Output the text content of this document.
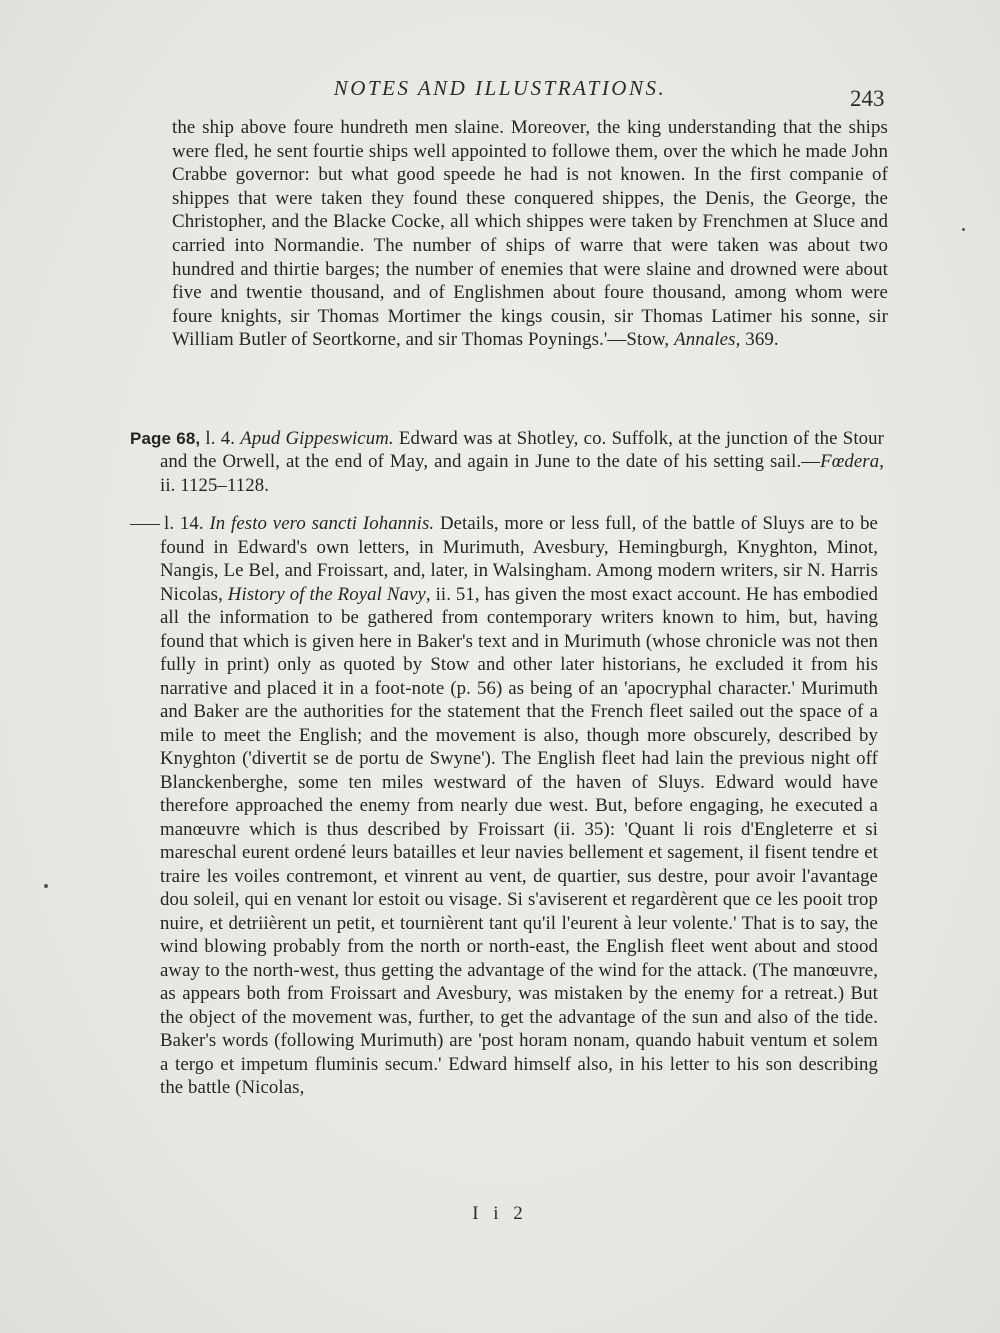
NOTES AND ILLUSTRATIONS.	243

the ship above foure hundreth men slaine. Moreover, the king understanding that the ships were fled, he sent fourtie ships well appointed to followe them, over the which he made John Crabbe governor: but what good speede he had is not knowen. In the first companie of shippes that were taken they found these conquered shippes, the Denis, the George, the Christopher, and the Blacke Cocke, all which shippes were taken by Frenchmen at Sluce and carried into Normandie. The number of ships of warre that were taken was about two hundred and thirtie barges; the number of enemies that were slaine and drowned were about five and twentie thousand, and of Englishmen about foure thousand, among whom were foure knights, sir Thomas Mortimer the kings cousin, sir Thomas Latimer his sonne, sir William Butler of Seortkorne, and sir Thomas Poynings.'—Stow, Annales, 369.

Page 68, l. 4. Apud Gippeswicum. Edward was at Shotley, co. Suffolk, at the junction of the Stour and the Orwell, at the end of May, and again in June to the date of his setting sail.—Fœdera, ii. 1125–1128.

l. 14. In festo vero sancti Iohannis. Details, more or less full, of the battle of Sluys are to be found in Edward's own letters, in Murimuth, Avesbury, Hemingburgh, Knyghton, Minot, Nangis, Le Bel, and Froissart, and, later, in Walsingham. Among modern writers, sir N. Harris Nicolas, History of the Royal Navy, ii. 51, has given the most exact account. He has embodied all the information to be gathered from contemporary writers known to him, but, having found that which is given here in Baker's text and in Murimuth (whose chronicle was not then fully in print) only as quoted by Stow and other later historians, he excluded it from his narrative and placed it in a foot-note (p. 56) as being of an 'apocryphal character.' Murimuth and Baker are the authorities for the statement that the French fleet sailed out the space of a mile to meet the English; and the movement is also, though more obscurely, described by Knyghton ('divertit se de portu de Swyne'). The English fleet had lain the previous night off Blanckenberghe, some ten miles westward of the haven of Sluys. Edward would have therefore approached the enemy from nearly due west. But, before engaging, he executed a manœuvre which is thus described by Froissart (ii. 35): 'Quant li rois d'Engleterre et si mareschal eurent ordené leurs batailles et leur navies bellement et sagement, il fisent tendre et traire les voiles contremont, et vinrent au vent, de quartier, sus destre, pour avoir l'avantage dou soleil, qui en venant lor estoit ou visage. Si s'aviserent et regardèrent que ce les pooit trop nuire, et detriièrent un petit, et tournièrent tant qu'il l'eurent à leur volente.' That is to say, the wind blowing probably from the north or north-east, the English fleet went about and stood away to the north-west, thus getting the advantage of the wind for the attack. (The manœuvre, as appears both from Froissart and Avesbury, was mistaken by the enemy for a retreat.) But the object of the movement was, further, to get the advantage of the sun and also of the tide. Baker's words (following Murimuth) are 'post horam nonam, quando habuit ventum et solem a tergo et impetum fluminis secum.' Edward himself also, in his letter to his son describing the battle (Nicolas,

I i 2
